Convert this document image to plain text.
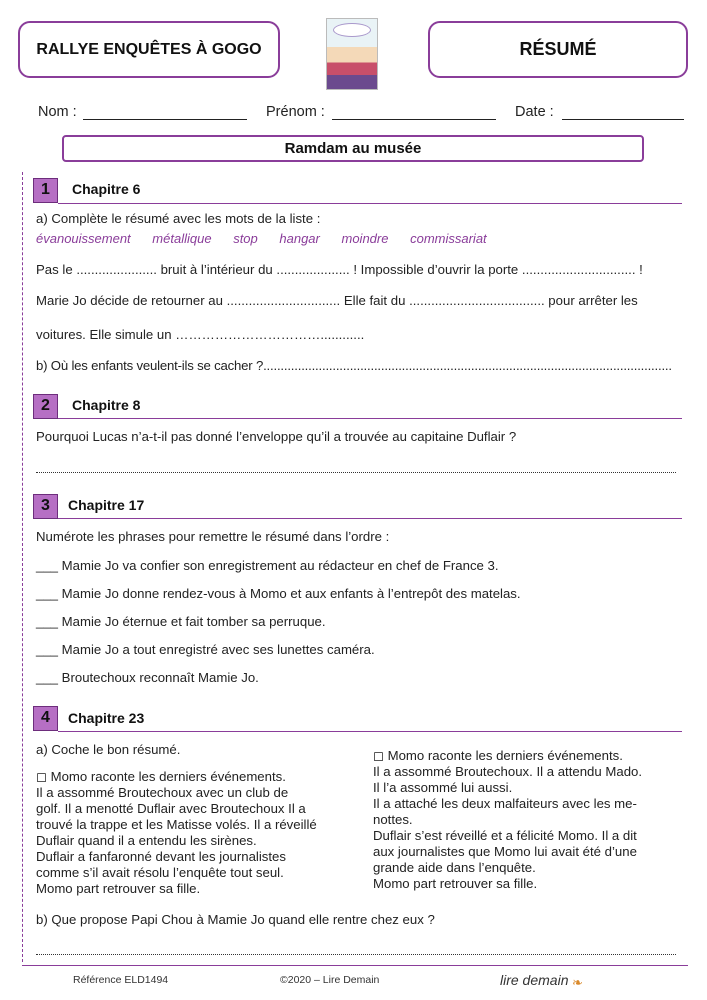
RALLYE ENQUÊTES À GOGO	RÉSUMÉ
Nom :	Prénom :	Date :
Ramdam au musée
1	Chapitre 6
a) Complète le résumé avec les mots de la liste :
évanouissement métallique stop hangar moindre commissariat
Pas le ...................... bruit à l’intérieur du .................... ! Impossible d’ouvrir la porte ............................... !
Marie Jo décide de retourner au ............................... Elle fait du ..................................... pour arrêter les
voitures. Elle simule un ……………………………............
b) Où les enfants veulent-ils se cacher ?......................................................................................................................
2	Chapitre 8
Pourquoi Lucas n’a-t-il pas donné l’enveloppe qu’il a trouvée au capitaine Duflair ?
3	Chapitre 17
Numérote les phrases pour remettre le résumé dans l’ordre :
___ Mamie Jo va confier son enregistrement au rédacteur en chef de France 3.
___ Mamie Jo donne rendez-vous à Momo et aux enfants à l’entrepôt des matelas.
___ Mamie Jo éternue et fait tomber sa perruque.
___ Mamie Jo a tout enregistré avec ses lunettes caméra.
___ Broutechoux reconnaît Mamie Jo.
4	Chapitre 23
a) Coche le bon résumé.
◻ Momo raconte les derniers événements.
Il a assommé Broutechoux avec un club de
golf. Il a menotté Duflair avec Broutechoux Il a
trouvé la trappe et les Matisse volés. Il a réveillé
Duflair quand il a entendu les sirènes.
Duflair a fanfaronné devant les journalistes
comme s’il avait résolu l’enquête tout seul.
Momo part retrouver sa fille.
◻ Momo raconte les derniers événements.
Il a assommé Broutechoux. Il a attendu Mado.
Il l’a assommé lui aussi.
Il a attaché les deux malfaiteurs avec les me-
nottes.
Duflair s’est réveillé et a félicité Momo. Il a dit
aux journalistes que Momo lui avait été d’une
grande aide dans l’enquête.
Momo part retrouver sa fille.
b) Que propose Papi Chou à Mamie Jo quand elle rentre chez eux ?
Référence ELD1494	©2020 – Lire Demain	lire demain ❧
